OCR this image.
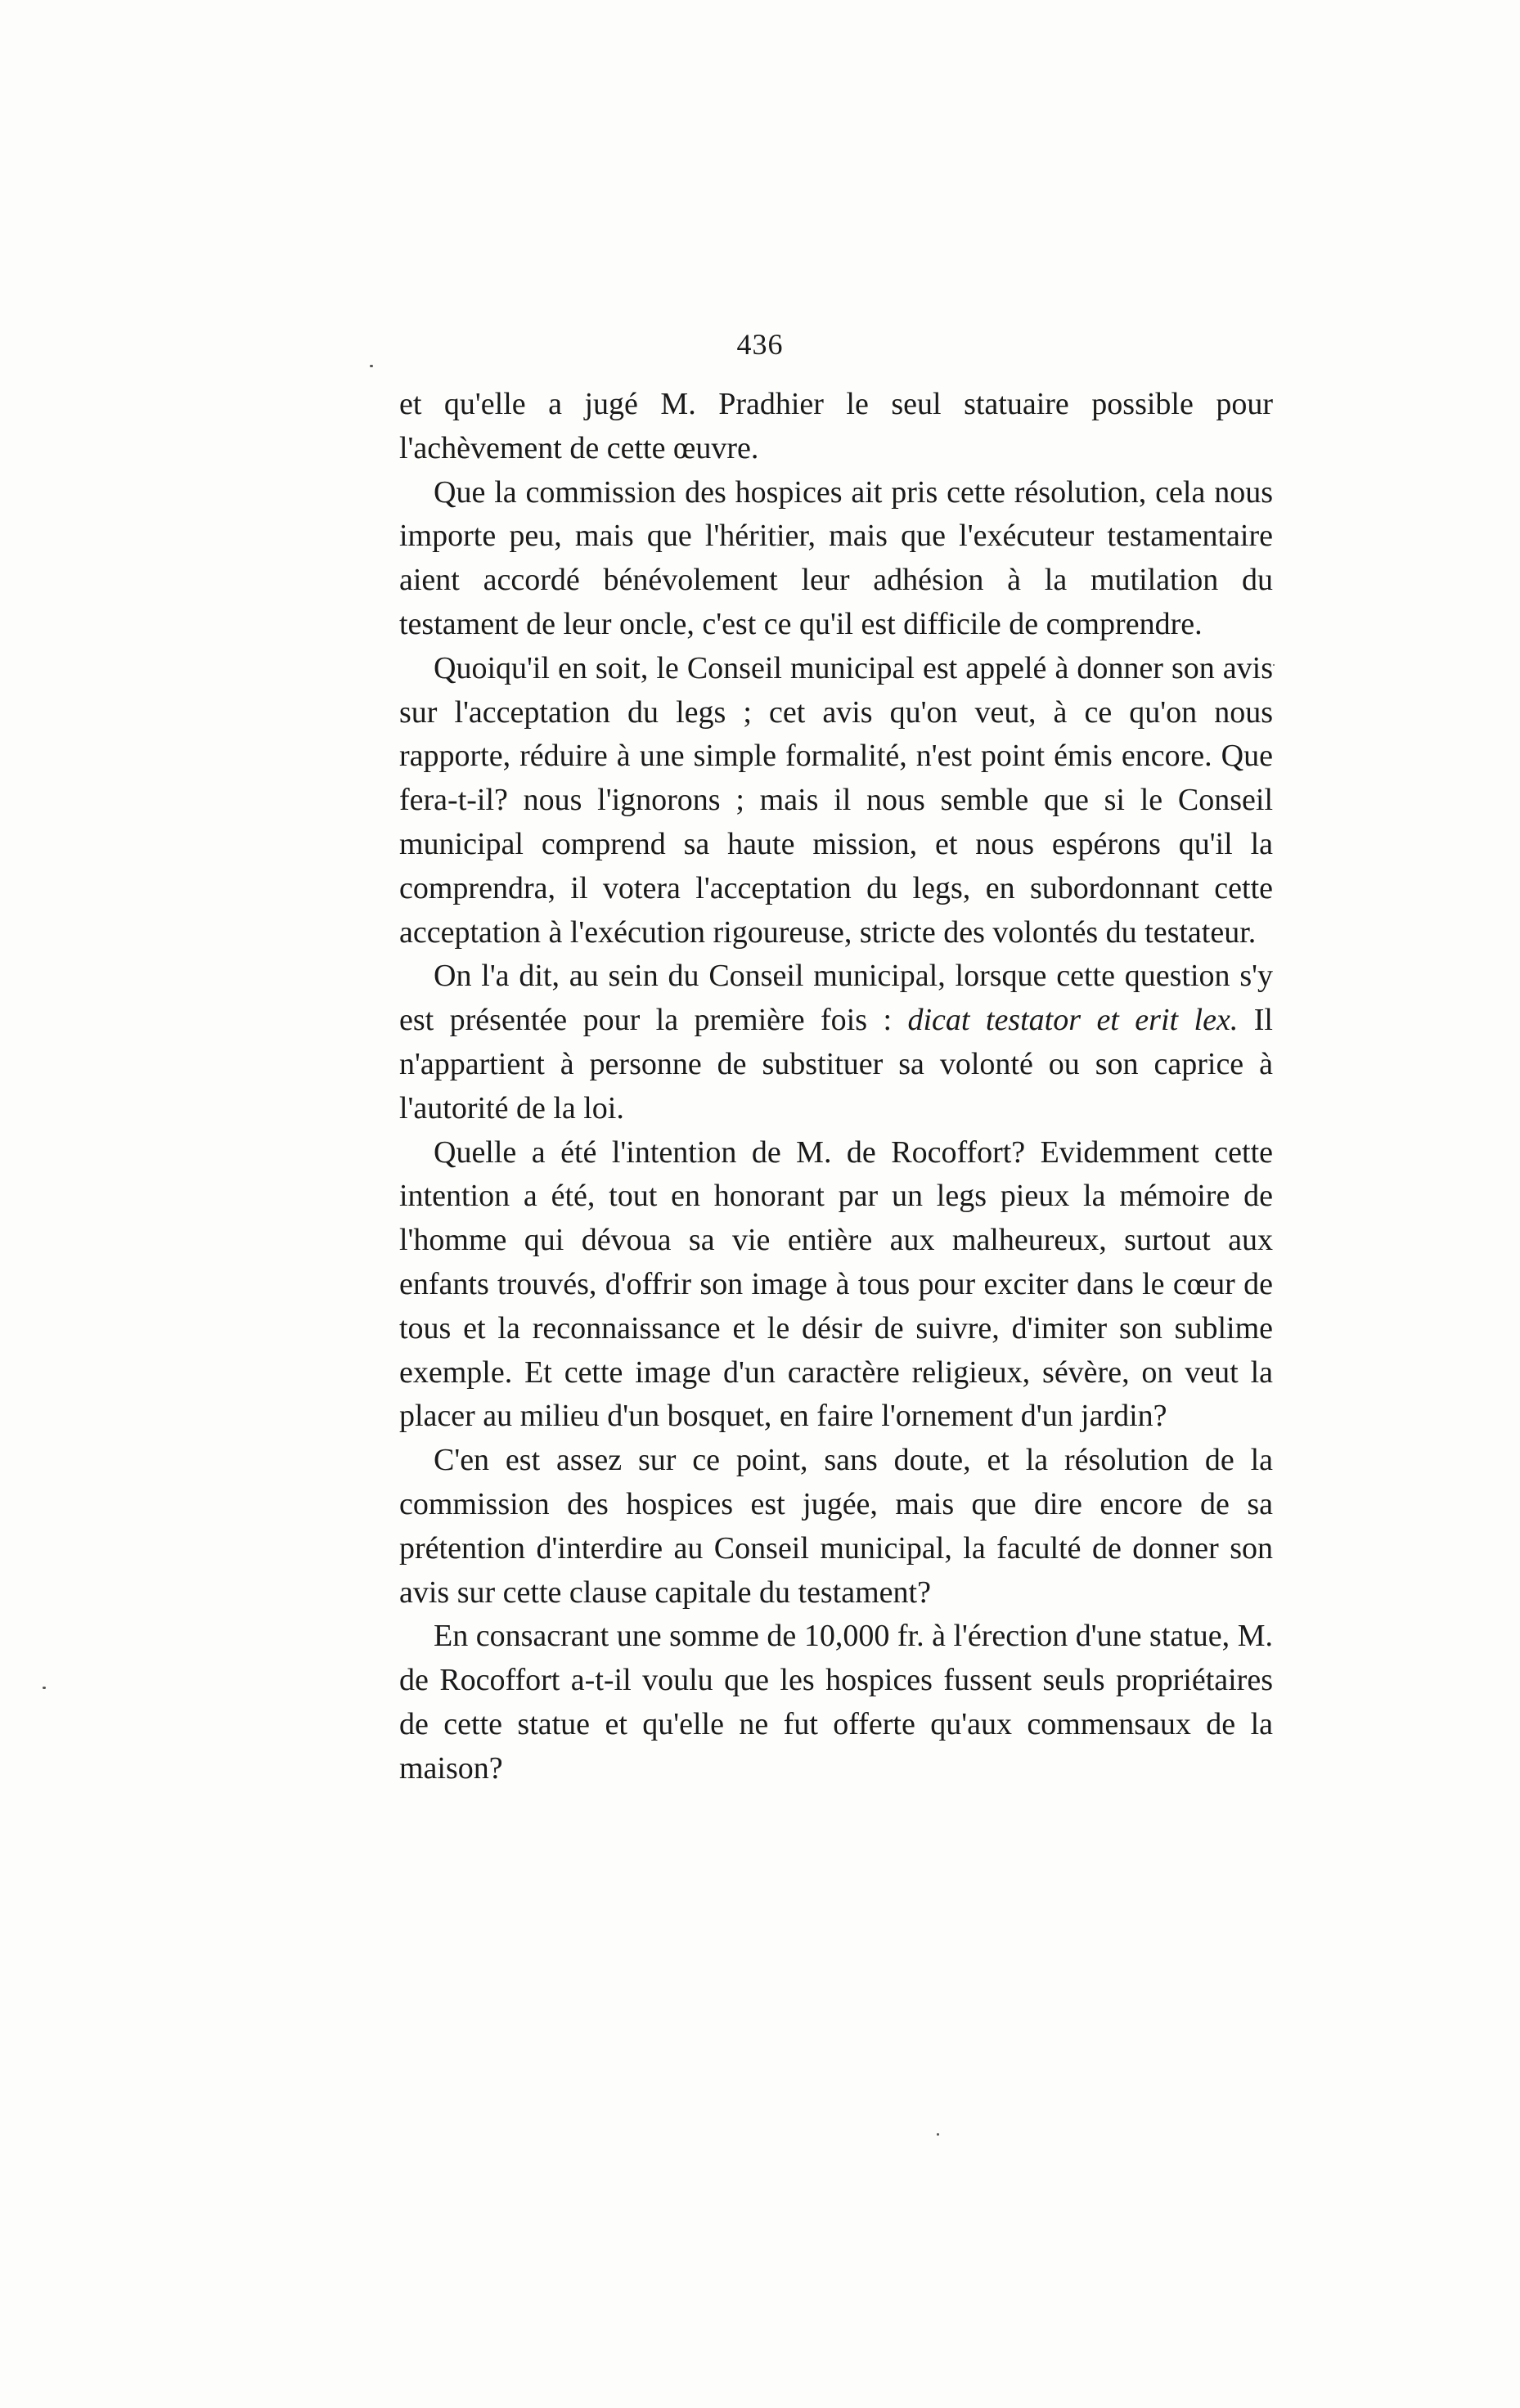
436

et qu'elle a jugé M. Pradhier le seul statuaire possible pour l'achèvement de cette œuvre.

Que la commission des hospices ait pris cette résolution, cela nous importe peu, mais que l'héritier, mais que l'exécuteur testamentaire aient accordé bénévolement leur adhésion à la mutilation du testament de leur oncle, c'est ce qu'il est difficile de comprendre.

Quoiqu'il en soit, le Conseil municipal est appelé à donner son avis sur l'acceptation du legs ; cet avis qu'on veut, à ce qu'on nous rapporte, réduire à une simple formalité, n'est point émis encore. Que fera-t-il? nous l'ignorons ; mais il nous semble que si le Conseil municipal comprend sa haute mission, et nous espérons qu'il la comprendra, il votera l'acceptation du legs, en subordonnant cette acceptation à l'exécution rigoureuse, stricte des volontés du testateur.

On l'a dit, au sein du Conseil municipal, lorsque cette question s'y est présentée pour la première fois : dicat testator et erit lex. Il n'appartient à personne de substituer sa volonté ou son caprice à l'autorité de la loi.

Quelle a été l'intention de M. de Rocoffort? Evidemment cette intention a été, tout en honorant par un legs pieux la mémoire de l'homme qui dévoua sa vie entière aux malheureux, surtout aux enfants trouvés, d'offrir son image à tous pour exciter dans le cœur de tous et la reconnaissance et le désir de suivre, d'imiter son sublime exemple. Et cette image d'un caractère religieux, sévère, on veut la placer au milieu d'un bosquet, en faire l'ornement d'un jardin?

C'en est assez sur ce point, sans doute, et la résolution de la commission des hospices est jugée, mais que dire encore de sa prétention d'interdire au Conseil municipal, la faculté de donner son avis sur cette clause capitale du testament?

En consacrant une somme de 10,000 fr. à l'érection d'une statue, M. de Rocoffort a-t-il voulu que les hospices fussent seuls propriétaires de cette statue et qu'elle ne fut offerte qu'aux commensaux de la maison?
